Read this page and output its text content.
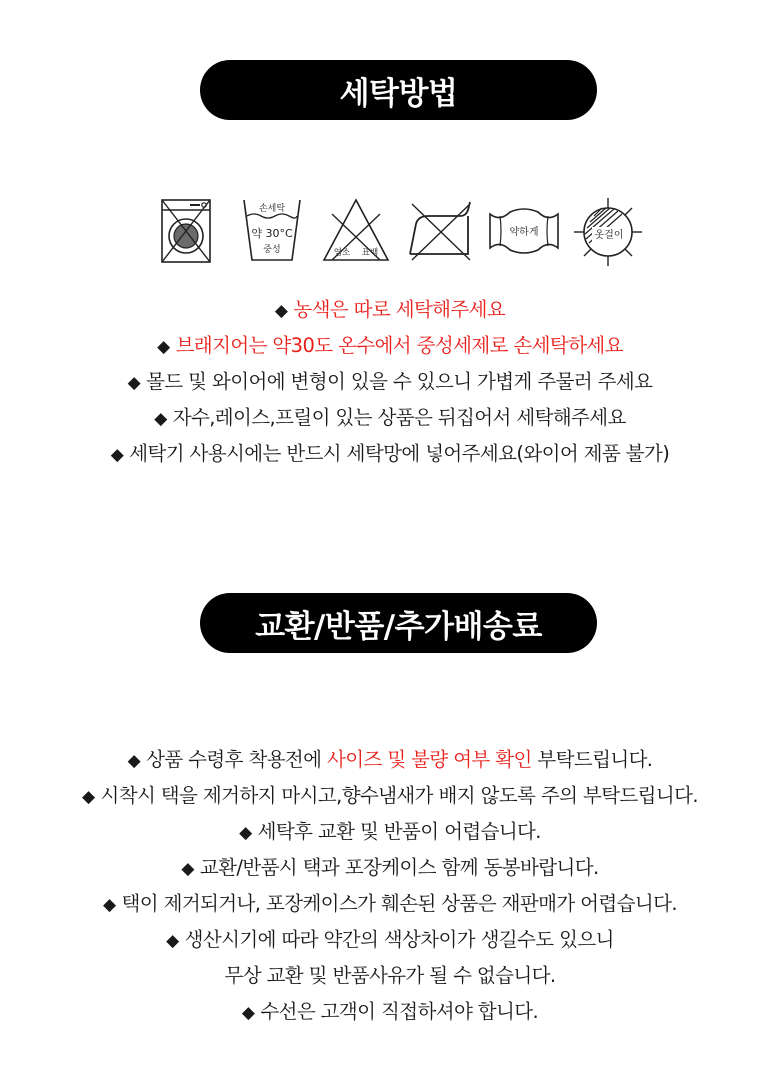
세탁방법
손세탁
약 30°C
중성	염소 표백
약하게	옷걸이
◆ 농색은 따로 세탁해주세요
◆ 브래지어는 약30도 온수에서 중성세제로 손세탁하세요
◆ 몰드 및 와이어에 변형이 있을 수 있으니 가볍게 주물러 주세요
◆ 자수,레이스,프릴이 있는 상품은 뒤집어서 세탁해주세요
◆ 세탁기 사용시에는 반드시 세탁망에 넣어주세요(와이어 제품 불가)
교환/반품/추가배송료
◆ 상품 수령후 착용전에 사이즈 및 불량 여부 확인 부탁드립니다.
◆ 시착시 택을 제거하지 마시고,향수냄새가 배지 않도록 주의 부탁드립니다.
◆ 세탁후 교환 및 반품이 어렵습니다.
◆ 교환/반품시 택과 포장케이스 함께 동봉바랍니다.
◆ 택이 제거되거나, 포장케이스가 훼손된 상품은 재판매가 어렵습니다.
◆ 생산시기에 따라 약간의 색상차이가 생길수도 있으니
무상 교환 및 반품사유가 될 수 없습니다.
◆ 수선은 고객이 직접하셔야 합니다.
